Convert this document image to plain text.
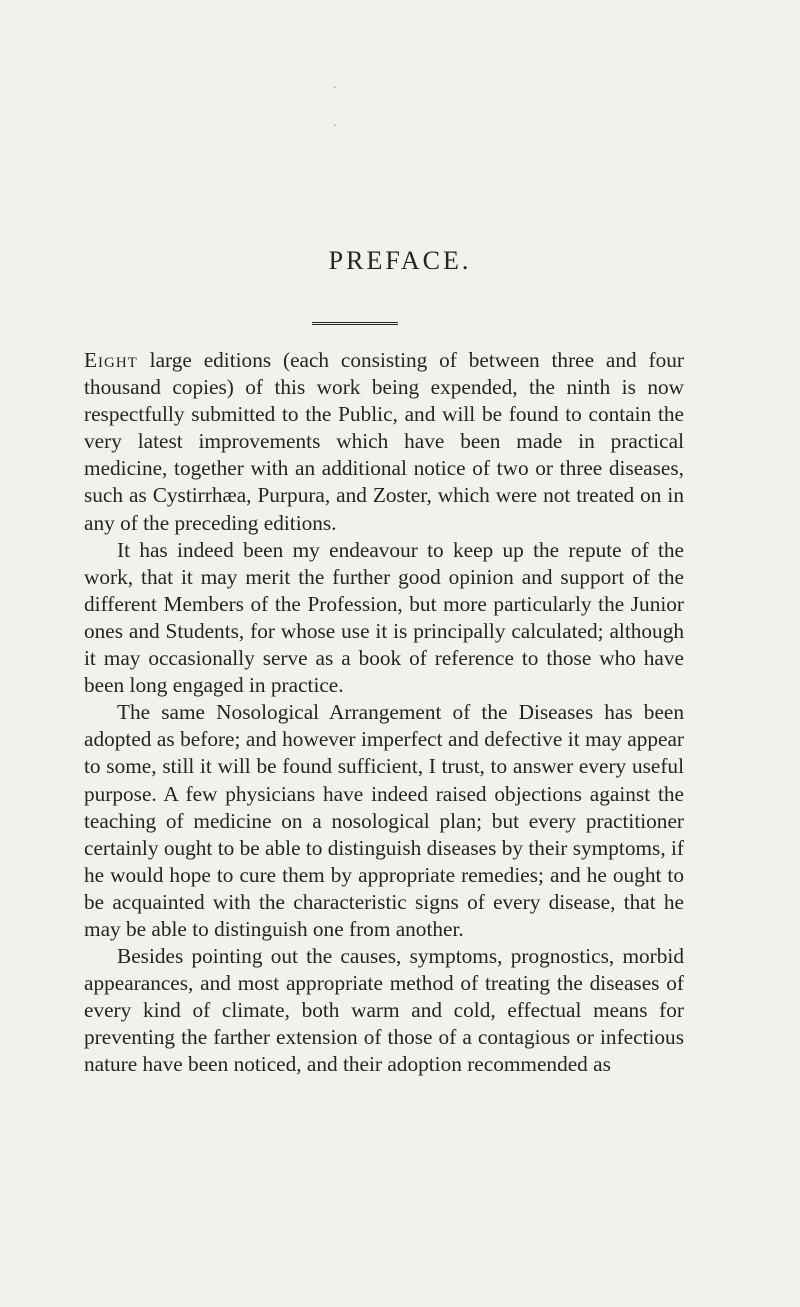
·
·
PREFACE.

Eight large editions (each consisting of between three and four thousand copies) of this work being expended, the ninth is now respectfully submitted to the Public, and will be found to contain the very latest improvements which have been made in practical medicine, together with an additional notice of two or three diseases, such as Cystirrhæa, Purpura, and Zoster, which were not treated on in any of the preceding editions.

It has indeed been my endeavour to keep up the repute of the work, that it may merit the further good opinion and support of the different Members of the Profession, but more particularly the Junior ones and Students, for whose use it is principally calculated; although it may occasionally serve as a book of reference to those who have been long engaged in practice.

The same Nosological Arrangement of the Diseases has been adopted as before; and however imperfect and defective it may appear to some, still it will be found sufficient, I trust, to answer every useful purpose. A few physicians have indeed raised objections against the teaching of medicine on a nosological plan; but every practitioner certainly ought to be able to distinguish diseases by their symptoms, if he would hope to cure them by appropriate remedies; and he ought to be acquainted with the characteristic signs of every disease, that he may be able to distinguish one from another.

Besides pointing out the causes, symptoms, prognostics, morbid appearances, and most appropriate method of treating the diseases of every kind of climate, both warm and cold, effectual means for preventing the farther extension of those of a contagious or infectious nature have been noticed, and their adoption recommended as
